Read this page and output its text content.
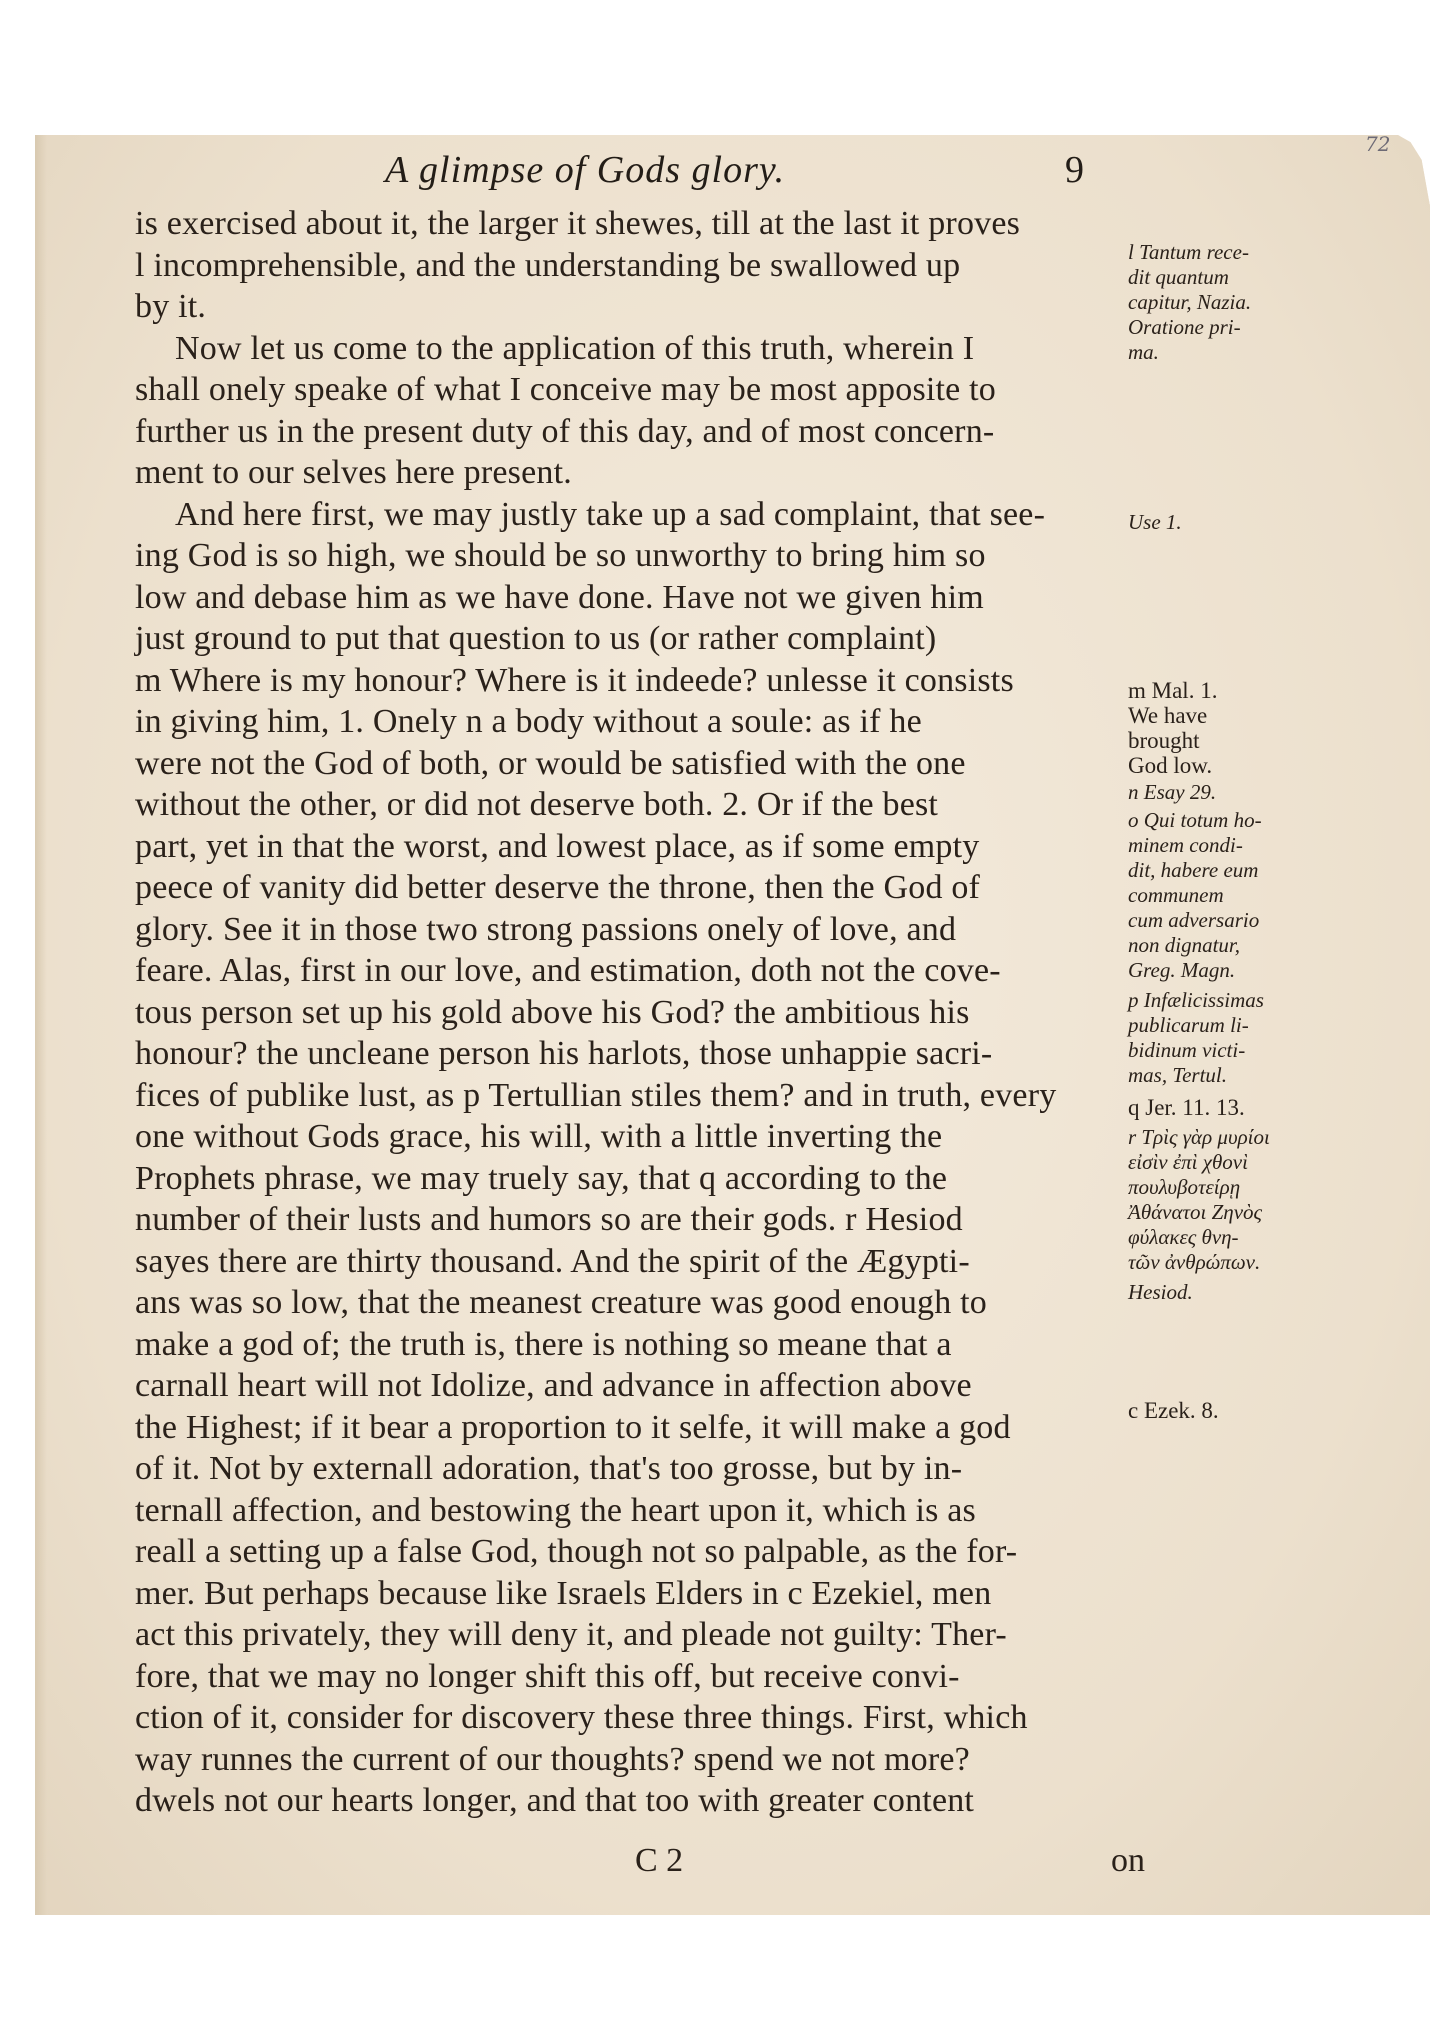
72
A glimpse of Gods glory.	9
is exercised about it, the larger it shewes, till at the last it proves
l incomprehensible, and the understanding be swallowed up
by it.
Now let us come to the application of this truth, wherein I
shall onely speake of what I conceive may be most apposite to
further us in the present duty of this day, and of most concern-
ment to our selves here present.
And here first, we may justly take up a sad complaint, that see-
ing God is so high, we should be so unworthy to bring him so
low and debase him as we have done. Have not we given him
just ground to put that question to us (or rather complaint)
m Where is my honour? Where is it indeede? unlesse it consists
in giving him, 1. Onely n a body without a soule: as if he
were not the God of both, or would be satisfied with the one
without the other, or did not deserve both. 2. Or if the best
part, yet in that the worst, and lowest place, as if some empty
peece of vanity did better deserve the throne, then the God of
glory. See it in those two strong passions onely of love, and
feare. Alas, first in our love, and estimation, doth not the cove-
tous person set up his gold above his God? the ambitious his
honour? the uncleane person his harlots, those unhappie sacri-
fices of publike lust, as p Tertullian stiles them? and in truth, every
one without Gods grace, his will, with a little inverting the
Prophets phrase, we may truely say, that q according to the
number of their lusts and humors so are their gods. r Hesiod
sayes there are thirty thousand. And the spirit of the Ægypti-
ans was so low, that the meanest creature was good enough to
make a god of; the truth is, there is nothing so meane that a
carnall heart will not Idolize, and advance in affection above
the Highest; if it bear a proportion to it selfe, it will make a god
of it. Not by externall adoration, that's too grosse, but by in-
ternall affection, and bestowing the heart upon it, which is as
reall a setting up a false God, though not so palpable, as the for-
mer. But perhaps because like Israels Elders in c Ezekiel, men
act this privately, they will deny it, and pleade not guilty: Ther-
fore, that we may no longer shift this off, but receive convi-
ction of it, consider for discovery these three things. First, which
way runnes the current of our thoughts? spend we not more?
dwels not our hearts longer, and that too with greater content

l Tantum rece-

dit quantum

capitur, Nazia.

Oratione pri-

ma.

Use 1.

m Mal. 1.

We have

brought

God low.

n Esay 29.

o Qui totum ho-

minem condi-

dit, habere eum

communem

cum adversario

non dignatur,

Greg. Magn.

p Infælicissimas

publicarum li-

bidinum victi-

mas, Tertul.

q Jer. 11. 13.

r Τρὶς γὰρ μυρίοι

εἰσὶν ἐπὶ χθονὶ

πουλυβοτείρῃ

Ἀθάνατοι Ζηνὸς

φύλακες θνη-

τῶν ἀνθρώπων.

Hesiod.

c Ezek. 8.

C 2	on
